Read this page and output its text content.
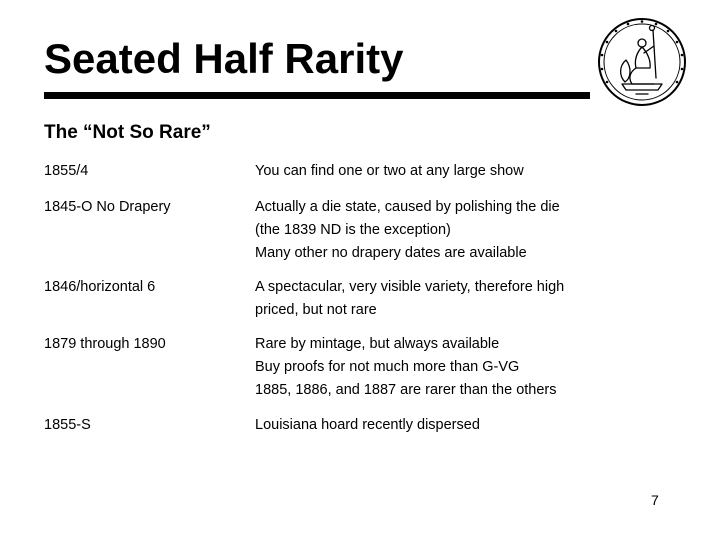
Seated Half Rarity
The “Not So Rare”
1855/4	You can find one or two at any large show
1845-O No Drapery	Actually a die state, caused by polishing the die
(the 1839 ND is the exception)
Many other no drapery dates are available
1846/horizontal 6	A spectacular, very visible variety, therefore high
priced, but not rare
1879 through 1890	Rare by mintage, but always available
Buy proofs for not much more than G-VG
1885, 1886, and 1887 are rarer than the others
1855-S	Louisiana hoard recently dispersed
7
